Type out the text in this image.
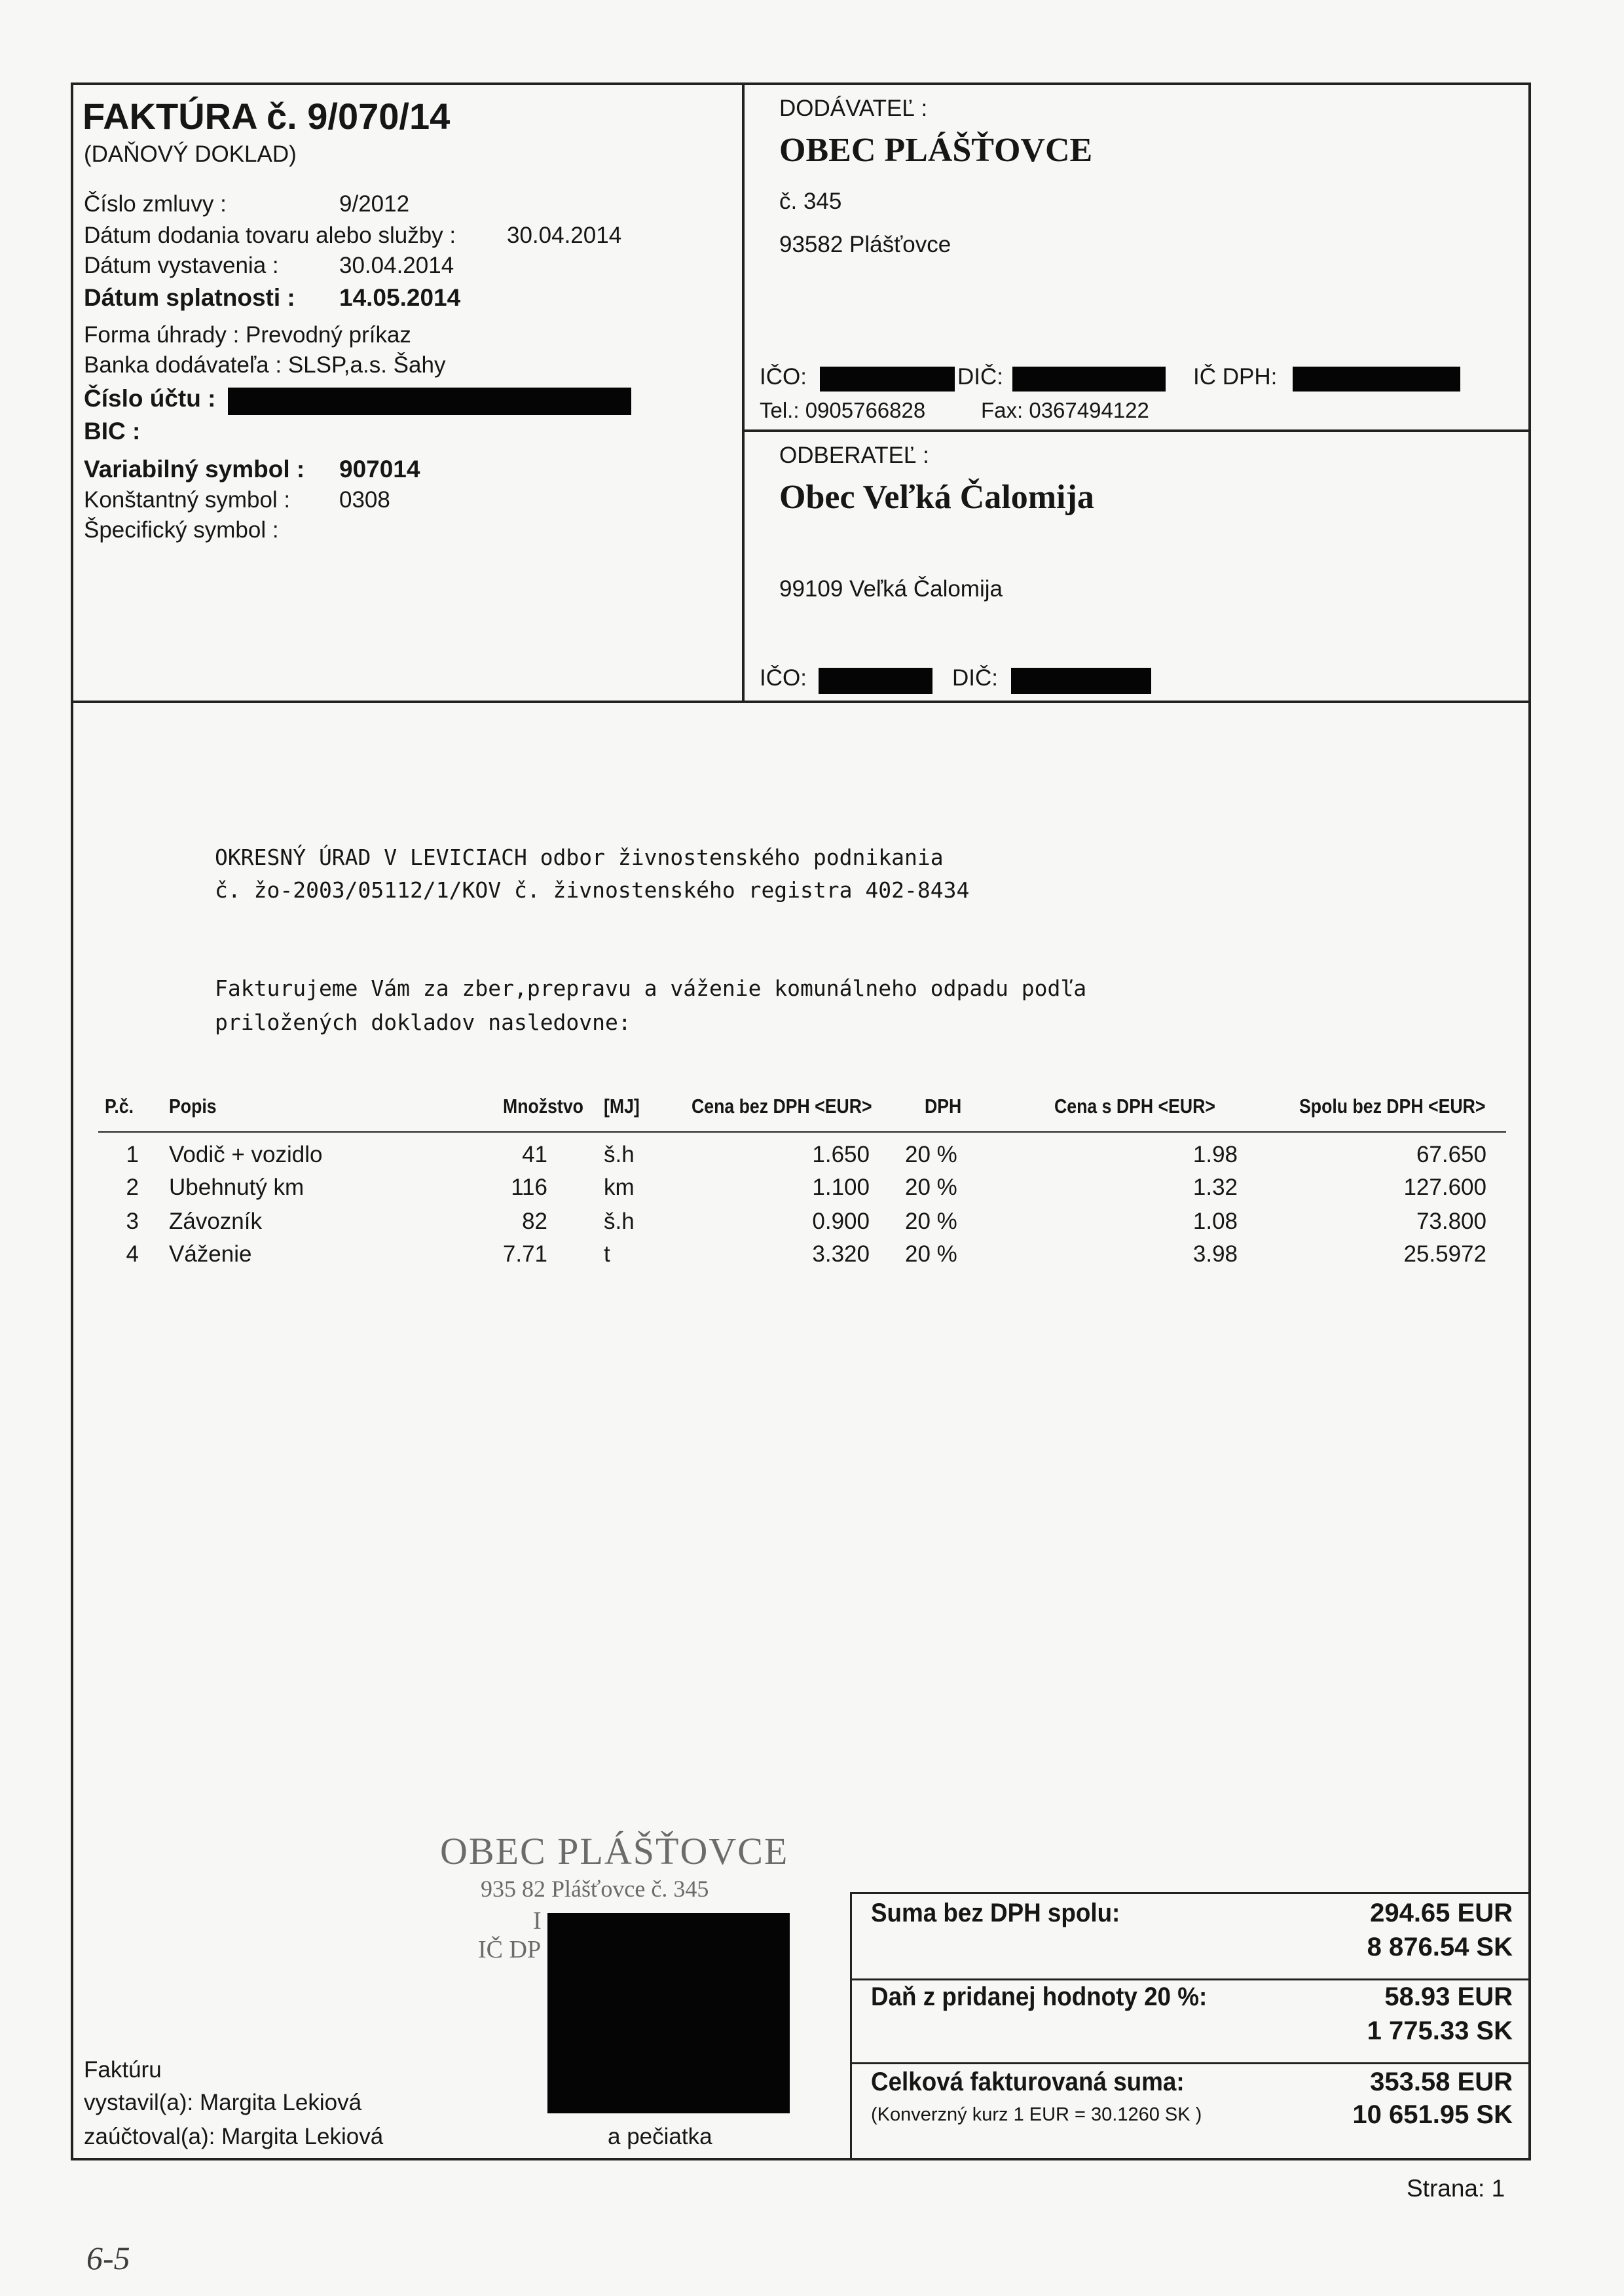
FAKTÚRA č. 9/070/14
(DAŇOVÝ DOKLAD)
Číslo zmluvy :	9/2012
Dátum dodania tovaru alebo služby : 30.04.2014
Dátum vystavenia :	30.04.2014
Dátum splatnosti : 14.05.2014
Forma úhrady : Prevodný príkaz
Banka dodávateľa : SLSP,a.s. Šahy
Číslo účtu :
BIC :
Variabilný symbol : 907014
Konštantný symbol : 0308
Špecifický symbol :
DODÁVATEĽ :
OBEC PLÁŠŤOVCE
č. 345
93582 Plášťovce
IČO:	DIČ:	IČ DPH:
Tel.: 0905766828	Fax: 0367494122
ODBERATEĽ :
Obec Veľká Čalomija
99109 Veľká Čalomija
IČO:	DIČ:
OKRESNÝ ÚRAD V LEVICIACH odbor živnostenského podnikania
č. žo-2003/05112/1/KOV č. živnostenského registra 402-8434
Fakturujeme Vám za zber,prepravu a váženie komunálneho odpadu podľa
priložených dokladov nasledovne:
P.č. Popis	Množstvo [MJ]	Cena bez DPH <EUR>	DPH	Cena s DPH <EUR>	Spolu bez DPH <EUR>
1 Vodič + vozidlo	41 š.h	1.650 20 %	1.98	67.650
2 Ubehnutý km	116 km	1.100 20 %	1.32	127.600
3 Závozník	82 š.h	0.900 20 %	1.08	73.800
4 Váženie	7.71 t	3.320 20 %	3.98	25.5972
OBEC PLÁŠŤOVCE
935 82 Plášťovce č. 345
I
IČ DP
Faktúru
vystavil(a): Margita Lekiová
zaúčtoval(a): Margita Lekiová	a pečiatka
Suma bez DPH spolu:	294.65 EUR
8 876.54 SK
Daň z pridanej hodnoty 20 %:	58.93 EUR
1 775.33 SK
Celková fakturovaná suma:
(Konverzný kurz 1 EUR = 30.1260 SK )
353.58 EUR
10 651.95 SK
Strana: 1
6-5
